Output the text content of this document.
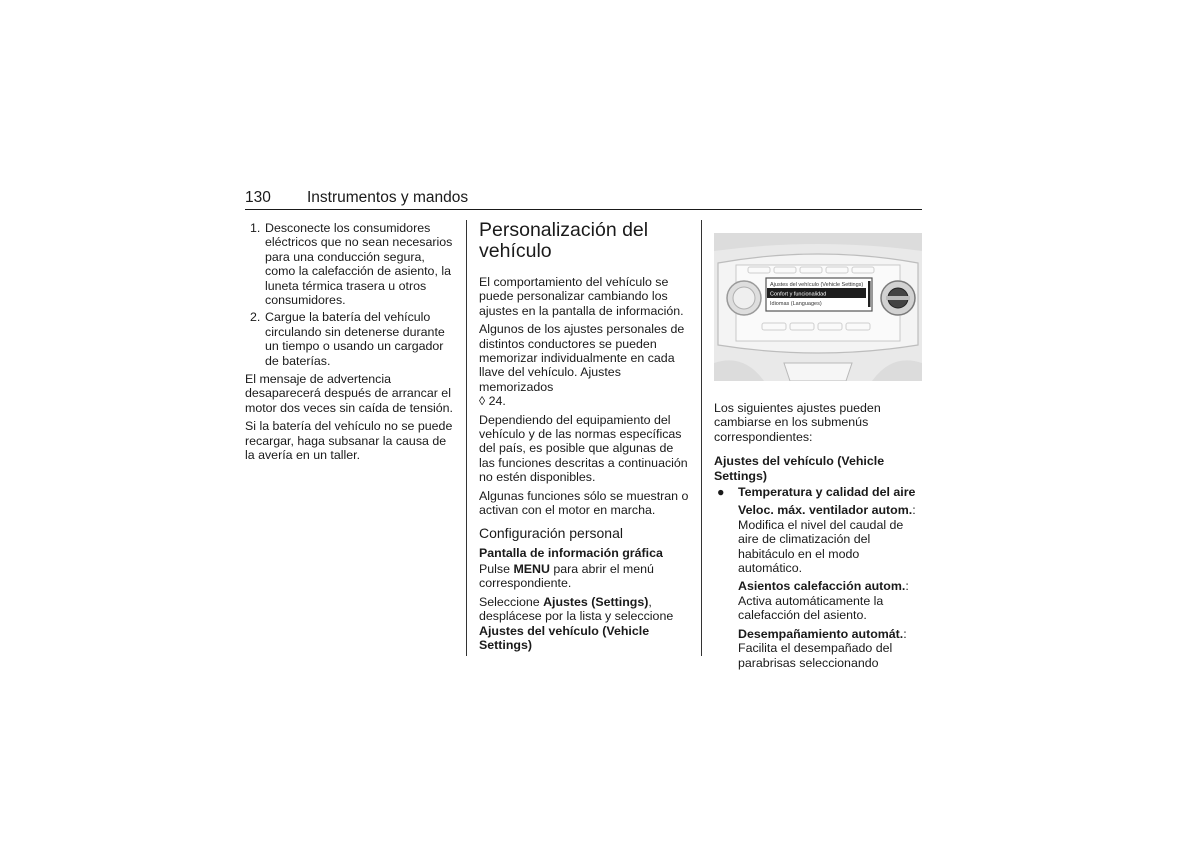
130 Instrumentos y mandos
1. Desconecte los consumidores eléctricos que no sean necesarios para una conducción segura, como la calefacción de asiento, la luneta térmica trasera u otros consumidores.
2. Cargue la batería del vehículo circulando sin detenerse durante un tiempo o usando un cargador de baterías.

El mensaje de advertencia desaparecerá después de arrancar el motor dos veces sin caída de tensión.

Si la batería del vehículo no se puede recargar, haga subsanar la causa de la avería en un taller.

Personalización del vehículo

El comportamiento del vehículo se puede personalizar cambiando los ajustes en la pantalla de información.

Algunos de los ajustes personales de distintos conductores se pueden memorizar individualmente en cada llave del vehículo. Ajustes memorizados
◊ 24.

Dependiendo del equipamiento del vehículo y de las normas específicas del país, es posible que algunas de las funciones descritas a continuación no estén disponibles.

Algunas funciones sólo se muestran o activan con el motor en marcha.

Configuración personal
Pantalla de información gráfica

Pulse MENU para abrir el menú correspondiente.

Seleccione Ajustes (Settings), desplácese por la lista y seleccione
Ajustes del vehículo (Vehicle Settings)

Ajustes del vehículo (Vehicle Settings)
Confort y funcionalidad
Idiomas (Languages)

Los siguientes ajustes pueden cambiarse en los submenús correspondientes:

Ajustes del vehículo (Vehicle Settings)
● Temperatura y calidad del aire

Veloc. máx. ventilador autom.: Modifica el nivel del caudal de aire de climatización del habitáculo en el modo automático.

Asientos calefacción autom.: Activa automáticamente la calefacción del asiento.

Desempañamiento automát.: Facilita el desempañado del parabrisas seleccionando
